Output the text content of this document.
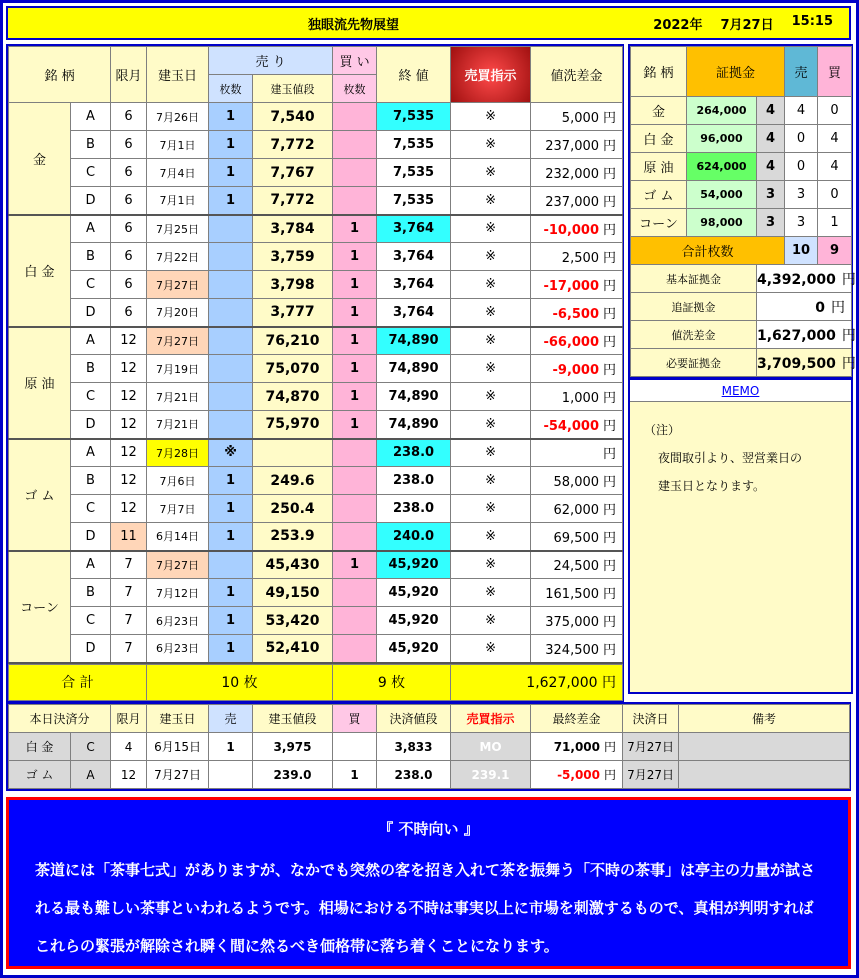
独眼流先物展望	2022年 7月27日 15:15
銘 柄		限月	建玉日	売 り		買 い	終 値	売買指示	値洗差金
				枚数	建玉値段	枚数			
金	A	6	7月26日	1	7,540		7,535	※	5,000 円
	B	6	7月1日	1	7,772		7,535	※	237,000 円
	C	6	7月4日	1	7,767		7,535	※	232,000 円
	D	6	7月1日	1	7,772		7,535	※	237,000 円
白 金	A	6	7月25日		3,784	1	3,764	※	-10,000 円
	B	6	7月22日		3,759	1	3,764	※	2,500 円
	C	6	7月27日		3,798	1	3,764	※	-17,000 円
	D	6	7月20日		3,777	1	3,764	※	-6,500 円
原 油	A	12	7月27日		76,210	1	74,890	※	-66,000 円
	B	12	7月19日		75,070	1	74,890	※	-9,000 円
	C	12	7月21日		74,870	1	74,890	※	1,000 円
	D	12	7月21日		75,970	1	74,890	※	-54,000 円
ゴ ム	A	12	7月28日	※			238.0	※	円
	B	12	7月6日	1	249.6		238.0	※	58,000 円
	C	12	7月7日	1	250.4		238.0	※	62,000 円
	D	11	6月14日	1	253.9		240.0	※	69,500 円
コーン	A	7	7月27日		45,430	1	45,920	※	24,500 円
	B	7	7月12日	1	49,150		45,920	※	161,500 円
	C	7	6月23日	1	53,420		45,920	※	375,000 円
	D	7	6月23日	1	52,410		45,920	※	324,500 円
合 計	10 枚	9 枚	1,627,000 円
銘 柄	証拠金		売	買
金	264,000	4	4	0
白 金	96,000	4	0	4
原 油	624,000	4	0	4
ゴ ム	54,000	3	3	0
コーン	98,000	3	3	1
合計枚数			10	9
基本証拠金		4,392,000 円		
追証拠金		0 円		
値洗差金		1,627,000 円		
必要証拠金		3,709,500 円		
MEMO
（注）
夜間取引より、翌営業日の
建玉日となります。
本日決済分		限月	建玉日	売	建玉値段	買	決済値段	売買指示	最終差金	決済日	備考
白 金	C	4	6月15日	1	3,975		3,833	MO	71,000 円	7月27日	
ゴ ム	A	12	7月27日		239.0	1	238.0	239.1	-5,000 円	7月27日	
『 不時向い 』
茶道には「茶事七式」がありますが、なかでも突然の客を招き入れて茶を振舞う「不時の茶事」は亭主の力量が試される最も難しい茶事といわれるようです。相場における不時は事実以上に市場を刺激するもので、真相が判明すればこれらの緊張が解除され瞬く間に然るべき価格帯に落ち着くことになります。
